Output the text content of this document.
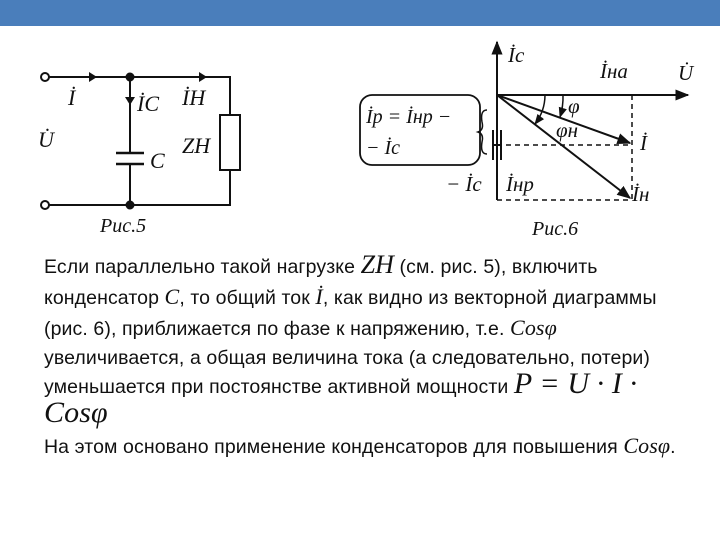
İ	İC İH
U̇
C
ZH
Рис.5
İc
İна U̇
φ
φн
İ
İн
− İc İнр
İр = İнр −
− İc
Рис.6

Если параллельно такой нагрузке ZH (см. рис. 5), включить конденсатор C, то общий ток İ, как видно из векторной диаграммы (рис. 6), приближается по фазе к напряжению, т.е. Cosφ увеличивается, а общая величина тока (а следовательно, потери) уменьшается при постоянстве активной мощности P = U · I · Cosφ

На этом основано применение конденсаторов для повышения Cosφ.
